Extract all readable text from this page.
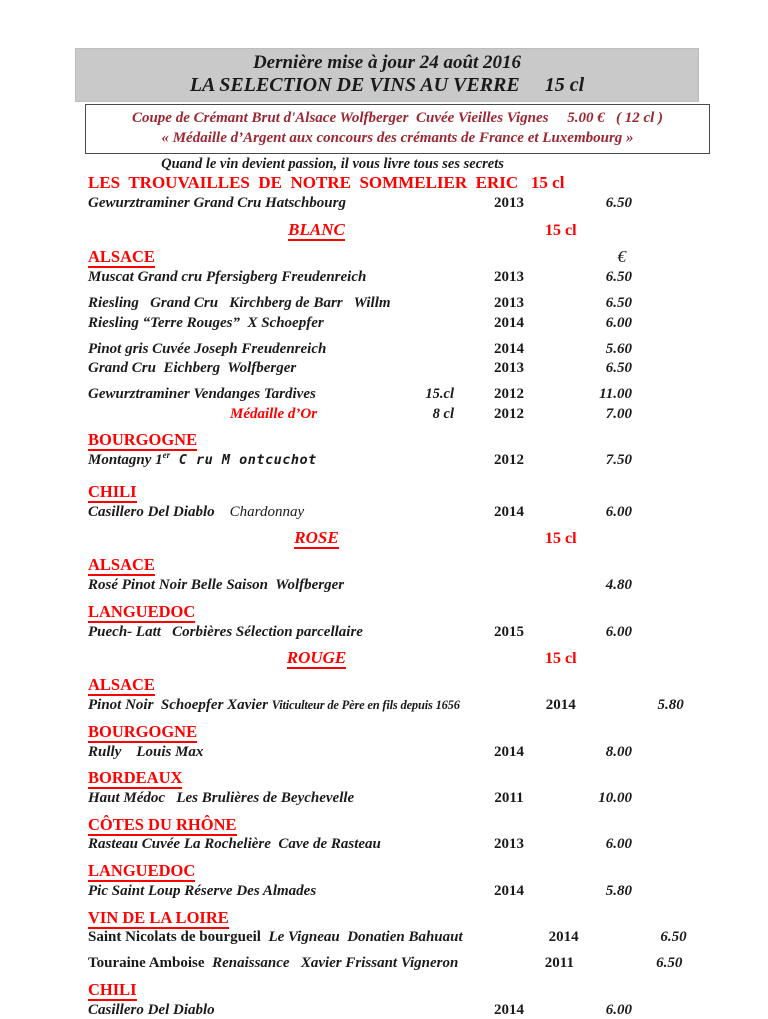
Dernière mise à jour 24 août 2016
LA SELECTION DE VINS AU VERRE     15 cl
Coupe de Crémant Brut d'Alsace Wolfberger  Cuvée Vieilles Vignes     5.00 €   ( 12 cl )
« Médaille d’Argent aux concours des crémants de France et Luxembourg »
Quand le vin devient passion, il vous livre tous ses secrets
LES  TROUVAILLES  DE  NOTRE  SOMMELIER  ERIC   15 cl
Gewurztraminer Grand Cru Hatschbourg	2013	6.50
BLANC	15 cl
ALSACE	€
Muscat Grand cru Pfersigberg Freudenreich	2013	6.50
Riesling   Grand Cru   Kirchberg de Barr   Willm	2013	6.50
Riesling “Terre Rouges”  X Schoepfer	2014	6.00
Pinot gris Cuvée Joseph Freudenreich	2014	5.60
Grand Cru  Eichberg  Wolfberger	2013	6.50
Gewurztraminer Vendanges Tardives	15.cl	2012	11.00
Médaille d’Or	8 cl	2012	7.00
BOURGOGNE
Montagny 1er C ru M ontcuchot	2012	7.50
CHILI
Casillero Del Diablo    Chardonnay	2014	6.00
ROSE	15 cl
ALSACE
Rosé Pinot Noir Belle Saison  Wolfberger	4.80
LANGUEDOC
Puech- Latt   Corbières Sélection parcellaire	2015	6.00
ROUGE	15 cl
ALSACE
Pinot Noir  Schoepfer Xavier Viticulteur de Père en fils depuis 1656	2014	5.80
BOURGOGNE
Rully    Louis Max	2014	8.00
BORDEAUX
Haut Médoc   Les Brulières de Beychevelle	2011	10.00
CÔTES DU RHÔNE
Rasteau Cuvée La Rochelière  Cave de Rasteau	2013	6.00
LANGUEDOC
Pic Saint Loup Réserve Des Almades	2014	5.80
VIN DE LA LOIRE
Saint Nicolats de bourgueil  Le Vigneau  Donatien Bahuaut	2014	6.50
Touraine Amboise  Renaissance   Xavier Frissant Vigneron	2011	6.50
CHILI
Casillero Del Diablo	2014	6.00
